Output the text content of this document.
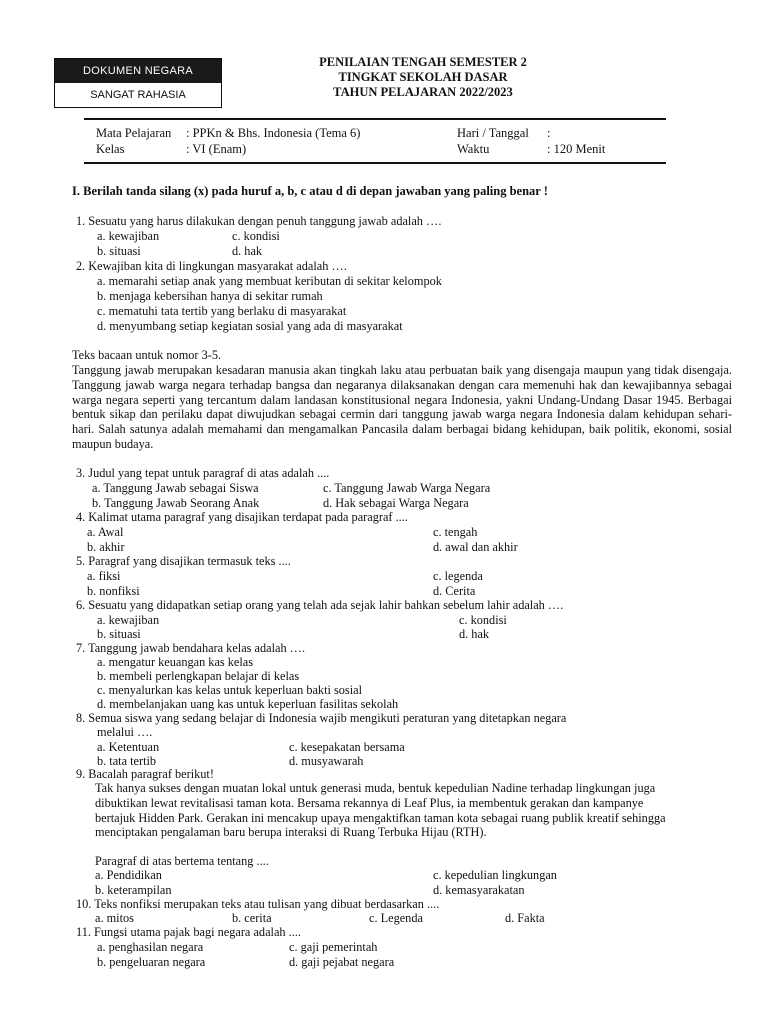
DOKUMEN NEGARA
SANGAT RAHASIA
PENILAIAN TENGAH SEMESTER 2
TINGKAT SEKOLAH DASAR
TAHUN PELAJARAN 2022/2023
Mata Pelajaran : PPKn & Bhs. Indonesia (Tema 6)
Kelas	: VI (Enam)
Hari / Tanggal :
Waktu	: 120 Menit
I. Berilah tanda silang (x) pada huruf a, b, c atau d di depan jawaban yang paling benar !
1. Sesuatu yang harus dilakukan dengan penuh tanggung jawab adalah ….
a. kewajiban	c. kondisi
b. situasi	d. hak
2. Kewajiban kita di lingkungan masyarakat adalah ….
a. memarahi setiap anak yang membuat keributan di sekitar kelompok
b. menjaga kebersihan hanya di sekitar rumah
c. mematuhi tata tertib yang berlaku di masyarakat
d. menyumbang setiap kegiatan sosial yang ada di masyarakat
Teks bacaan untuk nomor 3-5.
Tanggung jawab merupakan kesadaran manusia akan tingkah laku atau perbuatan baik yang disengaja maupun yang tidak disengaja. Tanggung jawab warga negara terhadap bangsa dan negaranya dilaksanakan dengan cara memenuhi hak dan kewajibannya sebagai warga negara seperti yang tercantum dalam landasan konstitusional negara Indonesia, yakni Undang-Undang Dasar 1945. Berbagai bentuk sikap dan perilaku dapat diwujudkan sebagai cermin dari tanggung jawab warga negara Indonesia dalam kehidupan sehari-hari. Salah satunya adalah memahami dan mengamalkan Pancasila dalam berbagai bidang kehidupan, baik politik, ekonomi, sosial maupun budaya.
3. Judul yang tepat untuk paragraf di atas adalah ....
a. Tanggung Jawab sebagai Siswa	c. Tanggung Jawab Warga Negara
b. Tanggung Jawab Seorang Anak	d. Hak sebagai Warga Negara
4. Kalimat utama paragraf yang disajikan terdapat pada paragraf ....
a. Awal	c. tengah
b. akhir	d. awal dan akhir
5. Paragraf yang disajikan termasuk teks ....
a. fiksi	c. legenda
b. nonfiksi	d. Cerita
6. Sesuatu yang didapatkan setiap orang yang telah ada sejak lahir bahkan sebelum lahir adalah ….
a. kewajiban	c. kondisi
b. situasi	d. hak
7. Tanggung jawab bendahara kelas adalah ….
a. mengatur keuangan kas kelas
b. membeli perlengkapan belajar di kelas
c. menyalurkan kas kelas untuk keperluan bakti sosial
d. membelanjakan uang kas untuk keperluan fasilitas sekolah
8. Semua siswa yang sedang belajar di Indonesia wajib mengikuti peraturan yang ditetapkan negara
melalui ….
a. Ketentuan	c. kesepakatan bersama
b. tata tertib	d. musyawarah
9. Bacalah paragraf berikut!
Tak hanya sukses dengan muatan lokal untuk generasi muda, bentuk kepedulian Nadine terhadap lingkungan juga dibuktikan lewat revitalisasi taman kota. Bersama rekannya di Leaf Plus, ia membentuk gerakan dan kampanye bertajuk Hidden Park. Gerakan ini mencakup upaya mengaktifkan taman kota sebagai ruang publik kreatif sehingga menciptakan pengalaman baru berupa interaksi di Ruang Terbuka Hijau (RTH).
Paragraf di atas bertema tentang ....
a. Pendidikan	c. kepedulian lingkungan
b. keterampilan	d. kemasyarakatan
10. Teks nonfiksi merupakan teks atau tulisan yang dibuat berdasarkan ....
a. mitos	b. cerita	c. Legenda	d. Fakta
11. Fungsi utama pajak bagi negara adalah ....
a. penghasilan negara	c. gaji pemerintah
b. pengeluaran negara	d. gaji pejabat negara
